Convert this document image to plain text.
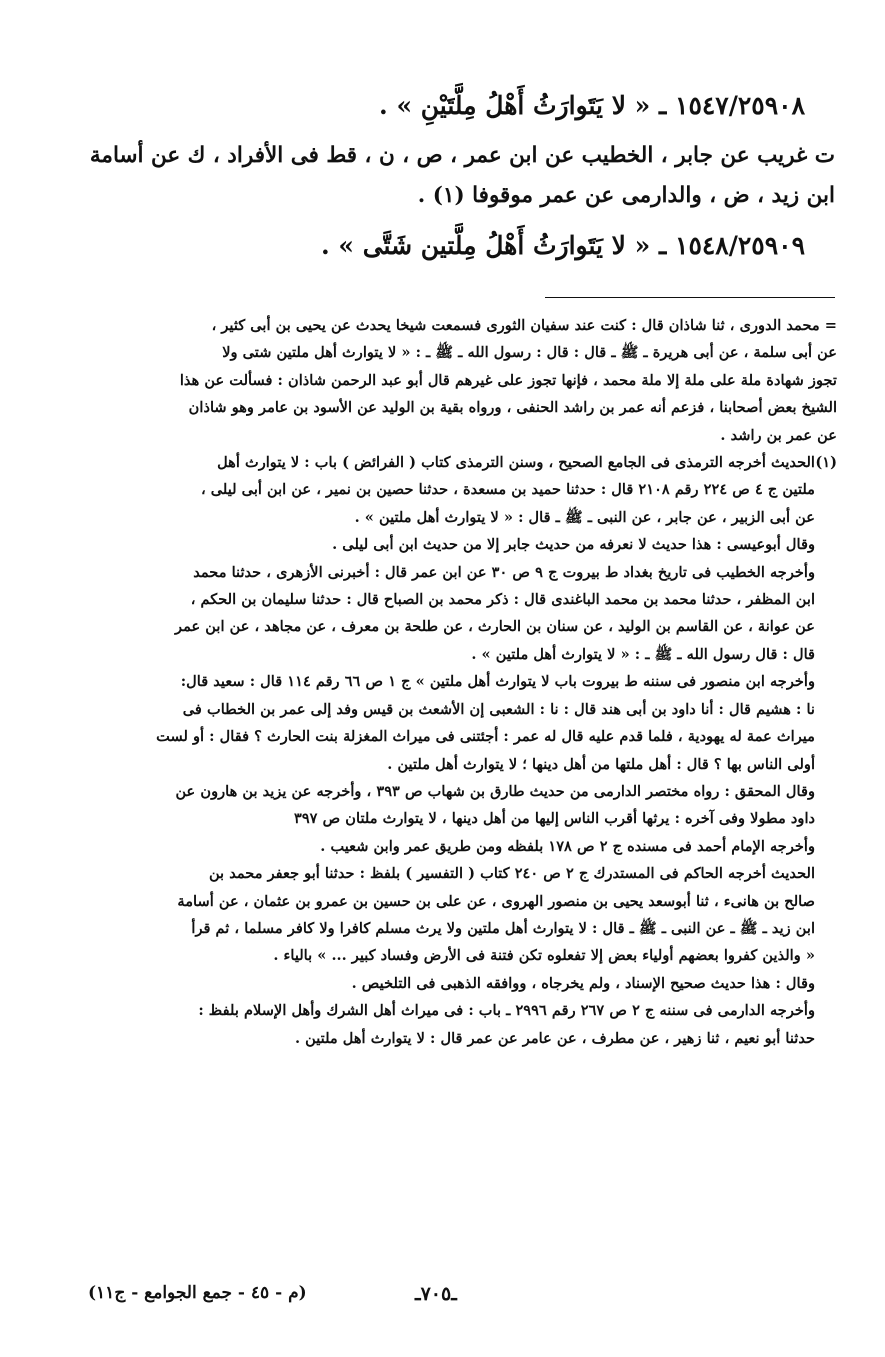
١٥٤٧/٢٥٩٠٨ ـ « لا يَتَوارَثُ أَهْلُ مِلَّتَيْنِ » .

ت غريب عن جابر ، الخطيب عن ابن عمر ، ص ، ن ، قط فى الأفراد ، ك عن أسامة
ابن زيد ، ض ، والدارمى عن عمر موقوفا (١) .

١٥٤٨/٢٥٩٠٩ ـ « لا يَتَوارَثُ أَهْلُ مِلَّتين شَتَّى » .

= محمد الدورى ، ثنا شاذان قال : كنت عند سفيان الثورى فسمعت شيخا يحدث عن يحيى بن أبى كثير ،
عن أبى سلمة ، عن أبى هريرة ـ ﷺ ـ قال : قال : رسول الله ـ ﷺ ـ : « لا يتوارث أهل ملتين شتى ولا
تجوز شهادة ملة على ملة إلا ملة محمد ، فإنها تجوز على غيرهم قال أبو عبد الرحمن شاذان : فسألت عن هذا
الشيخ بعض أصحابنا ، فزعم أنه عمر بن راشد الحنفى ، ورواه بقية بن الوليد عن الأسود بن عامر وهو شاذان
عن عمر بن راشد .
(١)الحديث أخرجه الترمذى فى الجامع الصحيح ، وسنن الترمذى كتاب ( الفرائض ) باب : لا يتوارث أهل
ملتين ج ٤ ص ٢٢٤ رقم ٢١٠٨ قال : حدثنا حميد بن مسعدة ، حدثنا حصين بن نمير ، عن ابن أبى ليلى ،
عن أبى الزبير ، عن جابر ، عن النبى ـ ﷺ ـ قال : « لا يتوارث أهل ملتين » .
وقال أبوعيسى : هذا حديث لا نعرفه من حديث جابر إلا من حديث ابن أبى ليلى .
وأخرجه الخطيب فى تاريخ بغداد ط بيروت ج ٩ ص ٣٠ عن ابن عمر قال : أخبرنى الأزهرى ، حدثنا محمد
ابن المظفر ، حدثنا محمد بن محمد الباغندى قال : ذكر محمد بن الصباح قال : حدثنا سليمان بن الحكم ،
عن عوانة ، عن القاسم بن الوليد ، عن سنان بن الحارث ، عن طلحة بن معرف ، عن مجاهد ، عن ابن عمر
قال : قال رسول الله ـ ﷺ ـ : « لا يتوارث أهل ملتين » .
وأخرجه ابن منصور فى سننه ط بيروت باب لا يتوارث أهل ملتين » ج ١ ص ٦٦ رقم ١١٤ قال : سعيد قال:
نا : هشيم قال : أنا داود بن أبى هند قال : نا : الشعبى إن الأشعث بن قيس وفد إلى عمر بن الخطاب فى
ميراث عمة له يهودية ، فلما قدم عليه قال له عمر : أجئتنى فى ميراث المغزلة بنت الحارث ؟ فقال : أو لست
أولى الناس بها ؟ قال : أهل ملتها من أهل دينها ؛ لا يتوارث أهل ملتين .
وقال المحقق : رواه مختصر الدارمى من حديث طارق بن شهاب ص ٣٩٣ ، وأخرجه عن يزيد بن هارون عن
داود مطولا وفى آخره : يرثها أقرب الناس إليها من أهل دينها ، لا يتوارث ملتان ص ٣٩٧
وأخرجه الإمام أحمد فى مسنده ج ٢ ص ١٧٨ بلفظه ومن طريق عمر وابن شعيب .
الحديث أخرجه الحاكم فى المستدرك ج ٢ ص ٢٤٠ كتاب ( التفسير ) بلفظ : حدثنا أبو جعفر محمد بن
صالح بن هانىء ، ثنا أبوسعد يحيى بن منصور الهروى ، عن على بن حسين بن عمرو بن عثمان ، عن أسامة
ابن زيد ـ ﷺ ـ عن النبى ـ ﷺ ـ قال : لا يتوارث أهل ملتين ولا يرث مسلم كافرا ولا كافر مسلما ، ثم قرأ
« والذين كفروا بعضهم أولياء بعض إلا تفعلوه تكن فتنة فى الأرض وفساد كبير ... » بالياء .
وقال : هذا حديث صحيح الإسناد ، ولم يخرجاه ، ووافقه الذهبى فى التلخيص .
وأخرجه الدارمى فى سننه ج ٢ ص ٢٦٧ رقم ٢٩٩٦ ـ باب : فى ميراث أهل الشرك وأهل الإسلام بلفظ :
حدثنا أبو نعيم ، ثنا زهير ، عن مطرف ، عن عامر عن عمر قال : لا يتوارث أهل ملتين .
ـ٧٠٥ـ
(م - ٤٥ - جمع الجوامع - ج١١)
